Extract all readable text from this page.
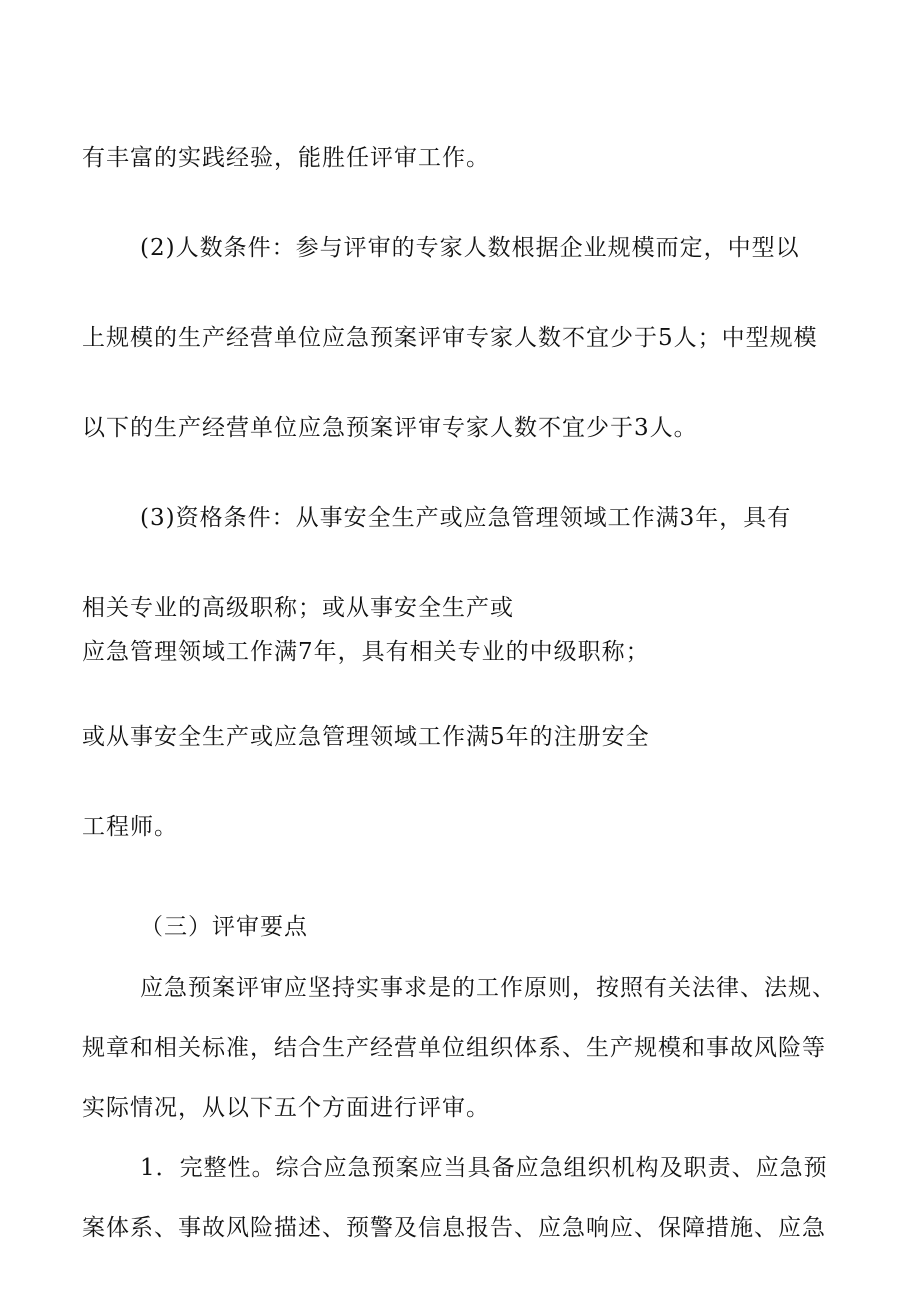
有丰富的实践经验，能胜任评审工作。

(2)人数条件：参与评审的专家人数根据企业规模而定，中型以

上规模的生产经营单位应急预案评审专家人数不宜少于5人；中型规模

以下的生产经营单位应急预案评审专家人数不宜少于3人。

(3)资格条件：从事安全生产或应急管理领域工作满3年，具有

相关专业的高级职称；或从事安全生产或

应急管理领域工作满7年，具有相关专业的中级职称；

或从事安全生产或应急管理领域工作满5年的注册安全

工程师。

（三）评审要点

应急预案评审应坚持实事求是的工作原则，按照有关法律、法规、

规章和相关标准，结合生产经营单位组织体系、生产规模和事故风险等

实际情况，从以下五个方面进行评审。

1．完整性。综合应急预案应当具备应急组织机构及职责、应急预

案体系、事故风险描述、预警及信息报告、应急响应、保障措施、应急
